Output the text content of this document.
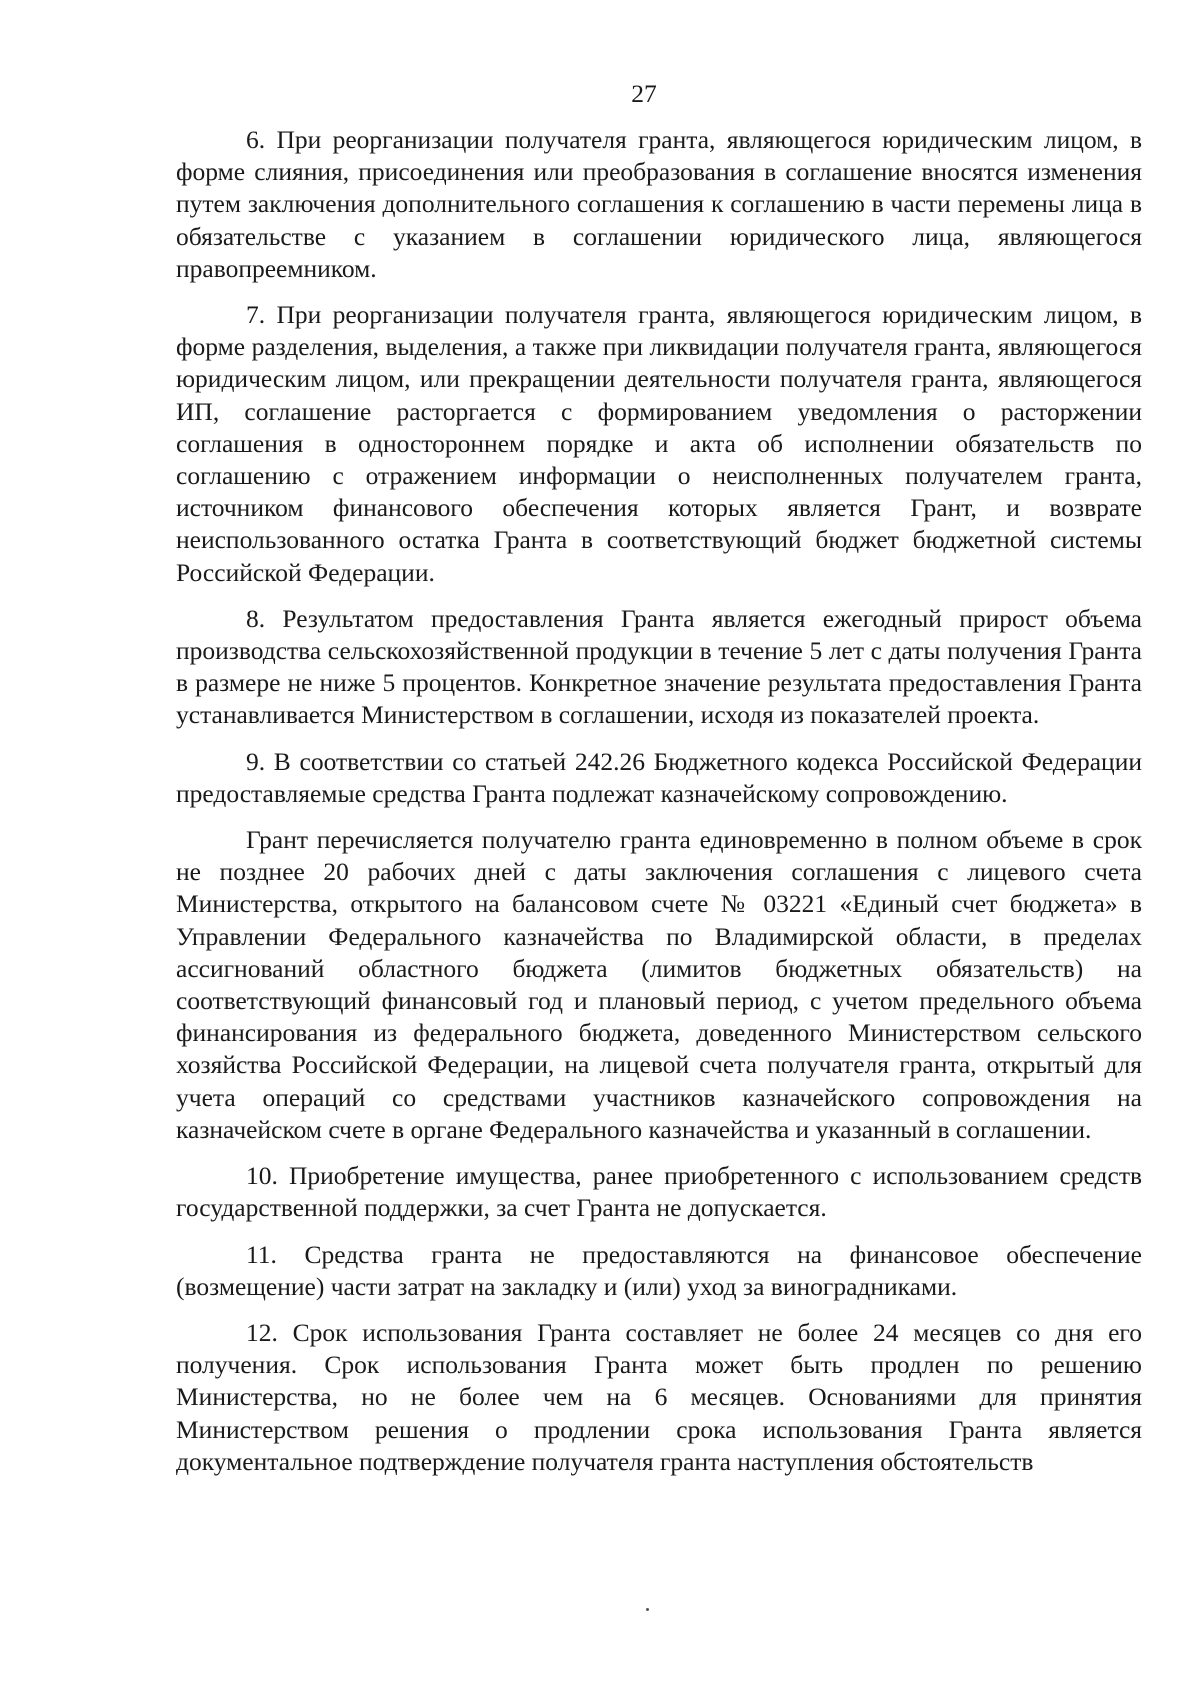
27

6. При реорганизации получателя гранта, являющегося юридическим лицом, в форме слияния, присоединения или преобразования в соглашение вносятся изменения путем заключения дополнительного соглашения к соглашению в части перемены лица в обязательстве с указанием в соглашении юридического лица, являющегося правопреемником.

7. При реорганизации получателя гранта, являющегося юридическим лицом, в форме разделения, выделения, а также при ликвидации получателя гранта, являющегося юридическим лицом, или прекращении деятельности получателя гранта, являющегося ИП, соглашение расторгается с формированием уведомления о расторжении соглашения в одностороннем порядке и акта об исполнении обязательств по соглашению с отражением информации о неисполненных получателем гранта, источником финансового обеспечения которых является Грант, и возврате неиспользованного остатка Гранта в соответствующий бюджет бюджетной системы Российской Федерации.

8. Результатом предоставления Гранта является ежегодный прирост объема производства сельскохозяйственной продукции в течение 5 лет с даты получения Гранта в размере не ниже 5 процентов. Конкретное значение результата предоставления Гранта устанавливается Министерством в соглашении, исходя из показателей проекта.

9. В соответствии со статьей 242.26 Бюджетного кодекса Российской Федерации предоставляемые средства Гранта подлежат казначейскому сопровождению.

Грант перечисляется получателю гранта единовременно в полном объеме в срок не позднее 20 рабочих дней с даты заключения соглашения с лицевого счета Министерства, открытого на балансовом счете № 03221 «Единый счет бюджета» в Управлении Федерального казначейства по Владимирской области, в пределах ассигнований областного бюджета (лимитов бюджетных обязательств) на соответствующий финансовый год и плановый период, с учетом предельного объема финансирования из федерального бюджета, доведенного Министерством сельского хозяйства Российской Федерации, на лицевой счета получателя гранта, открытый для учета операций со средствами участников казначейского сопровождения на казначейском счете в органе Федерального казначейства и указанный в соглашении.

10. Приобретение имущества, ранее приобретенного с использованием средств государственной поддержки, за счет Гранта не допускается.

11. Средства гранта не предоставляются на финансовое обеспечение (возмещение) части затрат на закладку и (или) уход за виноградниками.

12. Срок использования Гранта составляет не более 24 месяцев со дня его получения. Срок использования Гранта может быть продлен по решению Министерства, но не более чем на 6 месяцев. Основаниями для принятия Министерством решения о продлении срока использования Гранта является документальное подтверждение получателя гранта наступления обстоятельств
